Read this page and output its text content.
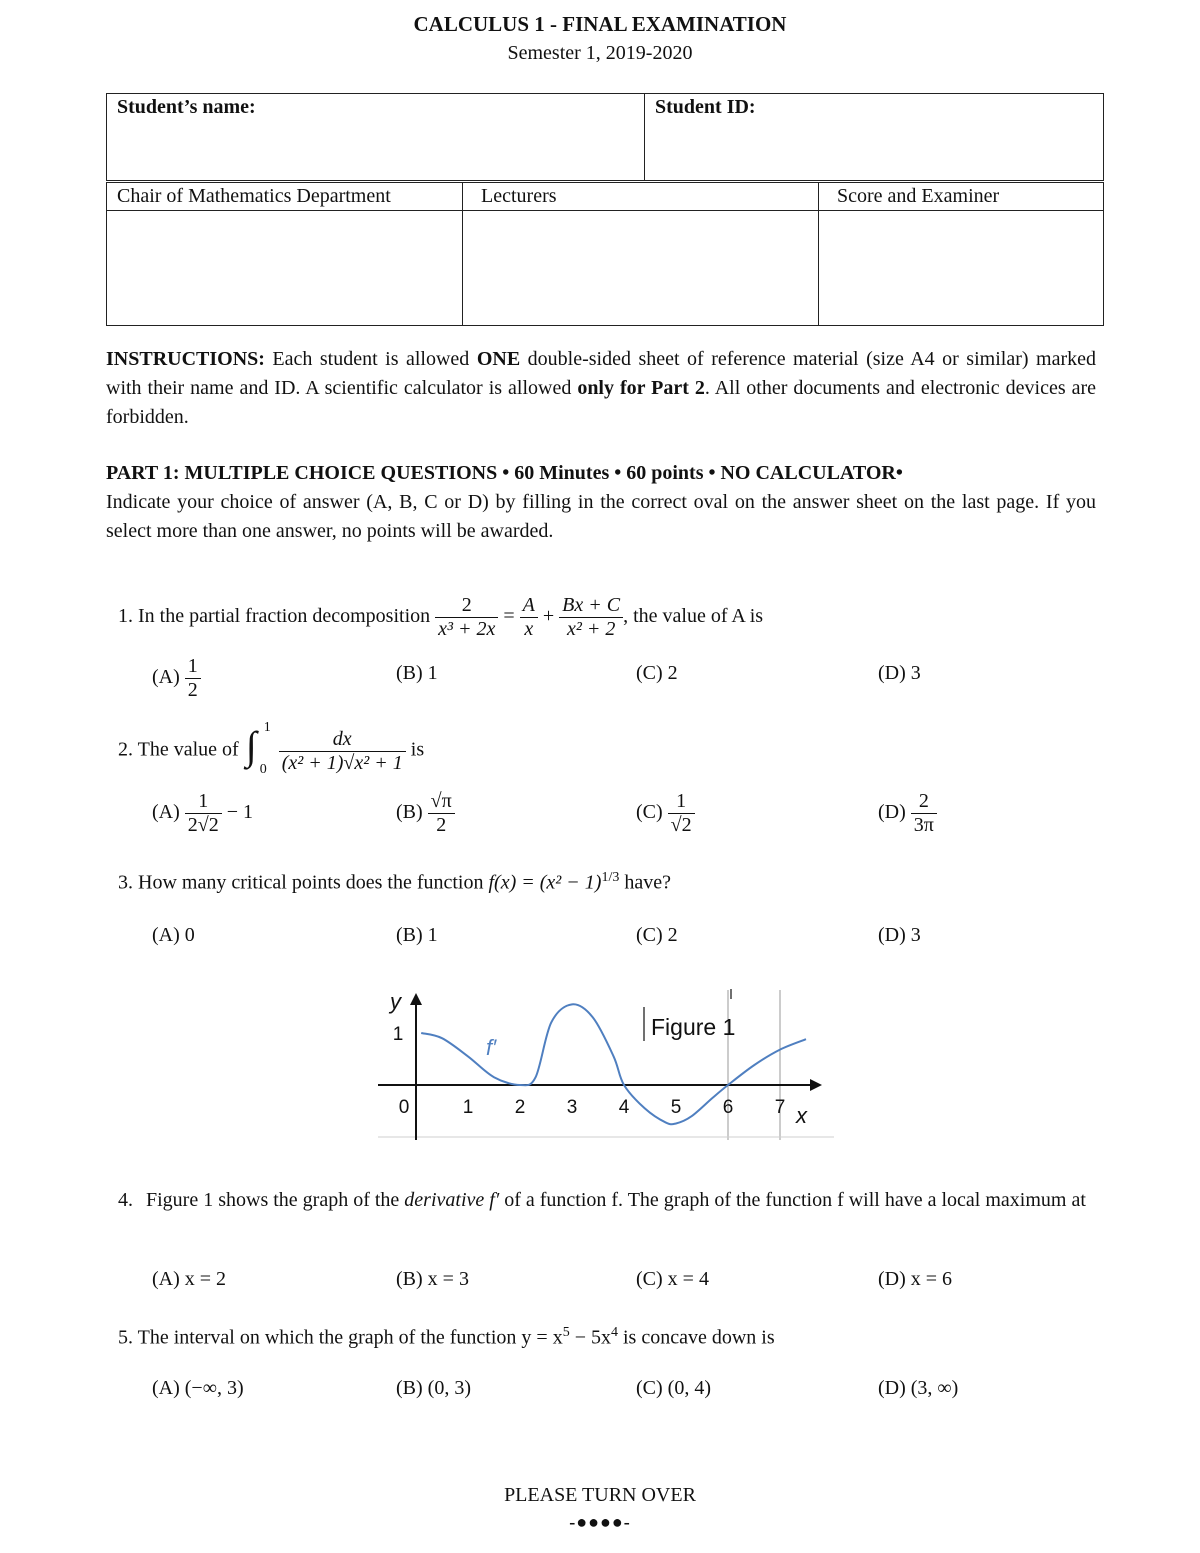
CALCULUS 1 - FINAL EXAMINATION
Semester 1, 2019-2020
Student’s name:	Student ID:
Chair of Mathematics Department	Lecturers	Score and Examiner

INSTRUCTIONS: Each student is allowed ONE double-sided sheet of reference material (size A4 or similar) marked with their name and ID. A scientific calculator is allowed only for Part 2. All other documents and electronic devices are forbidden.
PART 1: MULTIPLE CHOICE QUESTIONS • 60 Minutes • 60 points • NO CALCULATOR•
Indicate your choice of answer (A, B, C or D) by filling in the correct oval on the answer sheet on the last page. If you select more than one answer, no points will be awarded.
1. In the partial fraction decomposition $\frac{2}{\text{x³ + 2x}} = \frac{A}{x} + \frac{Bx + C}{\text{x² + 2}}$ , the value of A is
$(A) \frac{1}{2}$	(B) 1	(C) 2	(D) 3
2. The value of ∫ 1
0
$\frac{dx}{\text{(x² + 1)√x² + 1}}$ is
$(A) \frac{1}{2√2} - 1$	$(B) \frac{√\pi}{2}$	$(C) \frac{1}{√2}$	$(D) \frac{2}{3\pi}$
3. How many critical points does the function $f(x) = (x^2 - 1)^{1/3}$ have?
(A) 0	(B) 1	(C) 2	(D) 3
0	1 2 3 4 5 6 7
1
y
x
f′
Figure 1
4. Figure 1 shows the graph of the derivative f′ of a function f. The graph of the function f will have a local maximum at
(A) x = 2	(B) x = 3	(C) x = 4	(D) x = 6
5. The interval on which the graph of the function $y = x^5 - 5x^4$ is concave down is
(A) (−∞, 3)	(B) (0, 3)	(C) (0, 4)	(D) (3, ∞)
PLEASE TURN OVER
-●●●●-
